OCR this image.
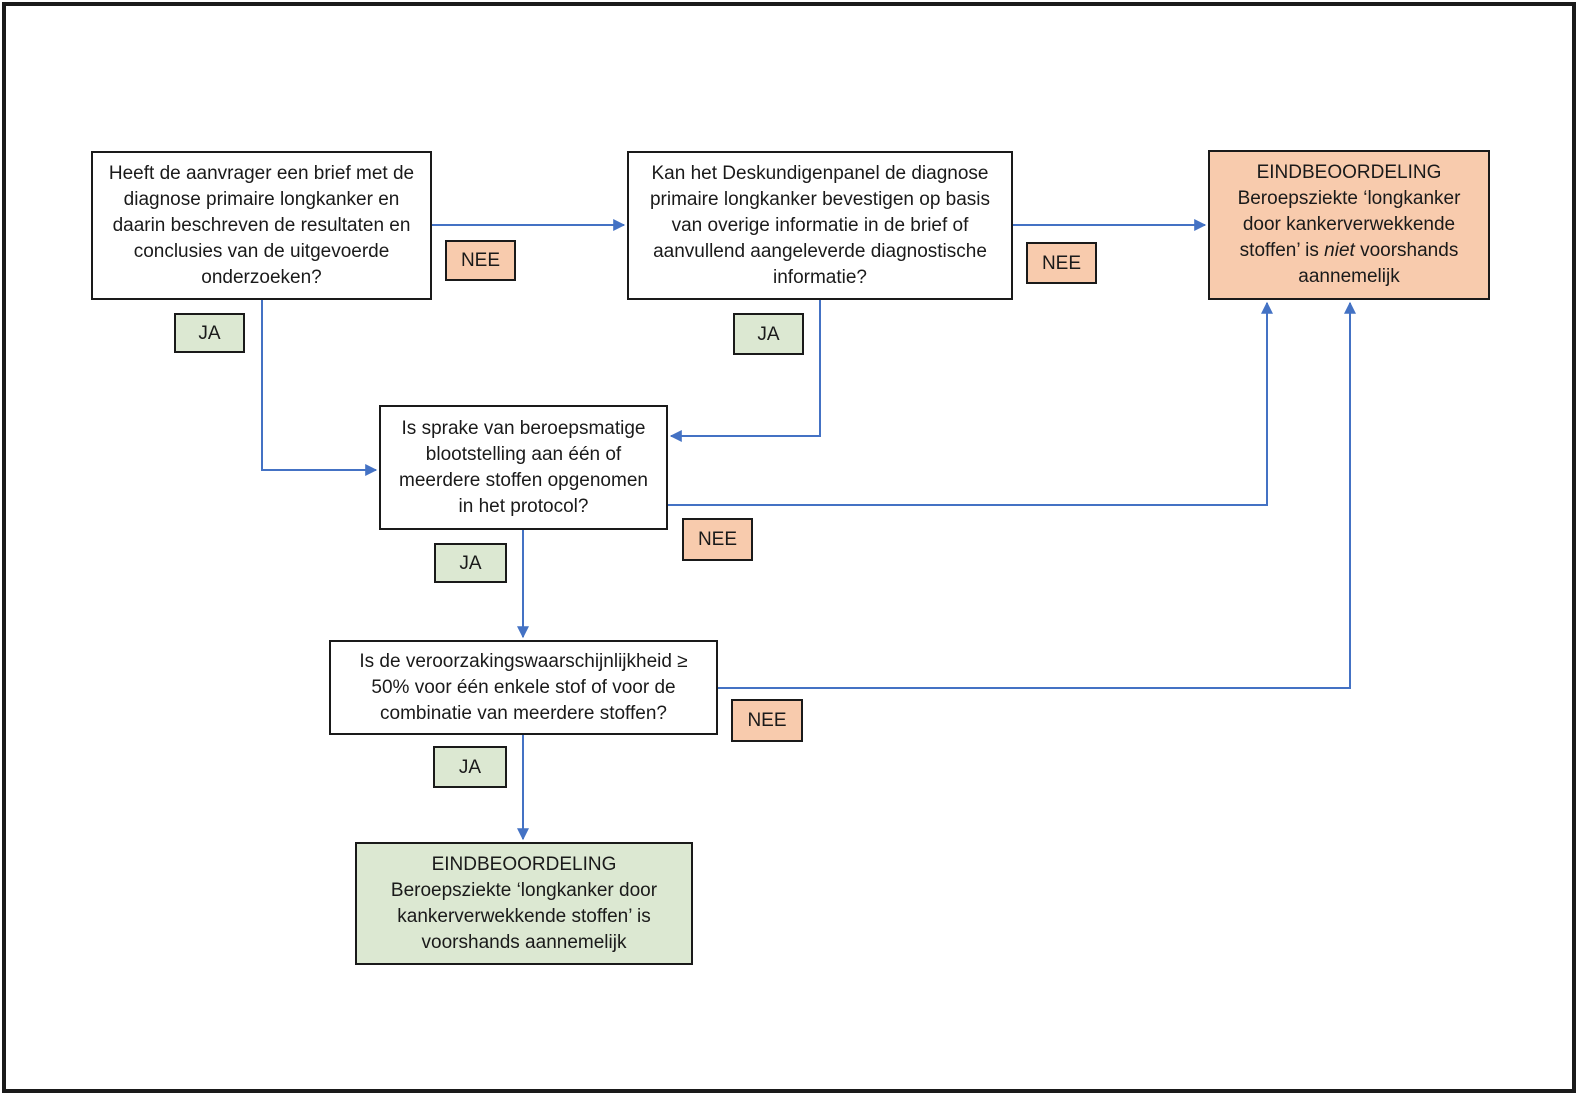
Heeft de aanvrager een brief met de diagnose primaire longkanker en daarin beschreven de resultaten en conclusies van de uitgevoerde onderzoeken?
Kan het Deskundigenpanel de diagnose primaire longkanker bevestigen op basis van overige informatie in de brief of aanvullend aangeleverde diagnostische informatie?
EINDBEOORDELING
Beroepsziekte ‘longkanker door kankerverwekkende stoffen’ is niet voorshands aannemelijk
Is sprake van beroepsmatige blootstelling aan één of meerdere stoffen opgenomen in het protocol?
Is de veroorzakingswaarschijnlijkheid ≥ 50% voor één enkele stof of voor de combinatie van meerdere stoffen?
EINDBEOORDELING
Beroepsziekte ‘longkanker door kankerverwekkende stoffen’ is voorshands aannemelijk
JA
NEE
JA
NEE
JA
NEE
JA
NEE
